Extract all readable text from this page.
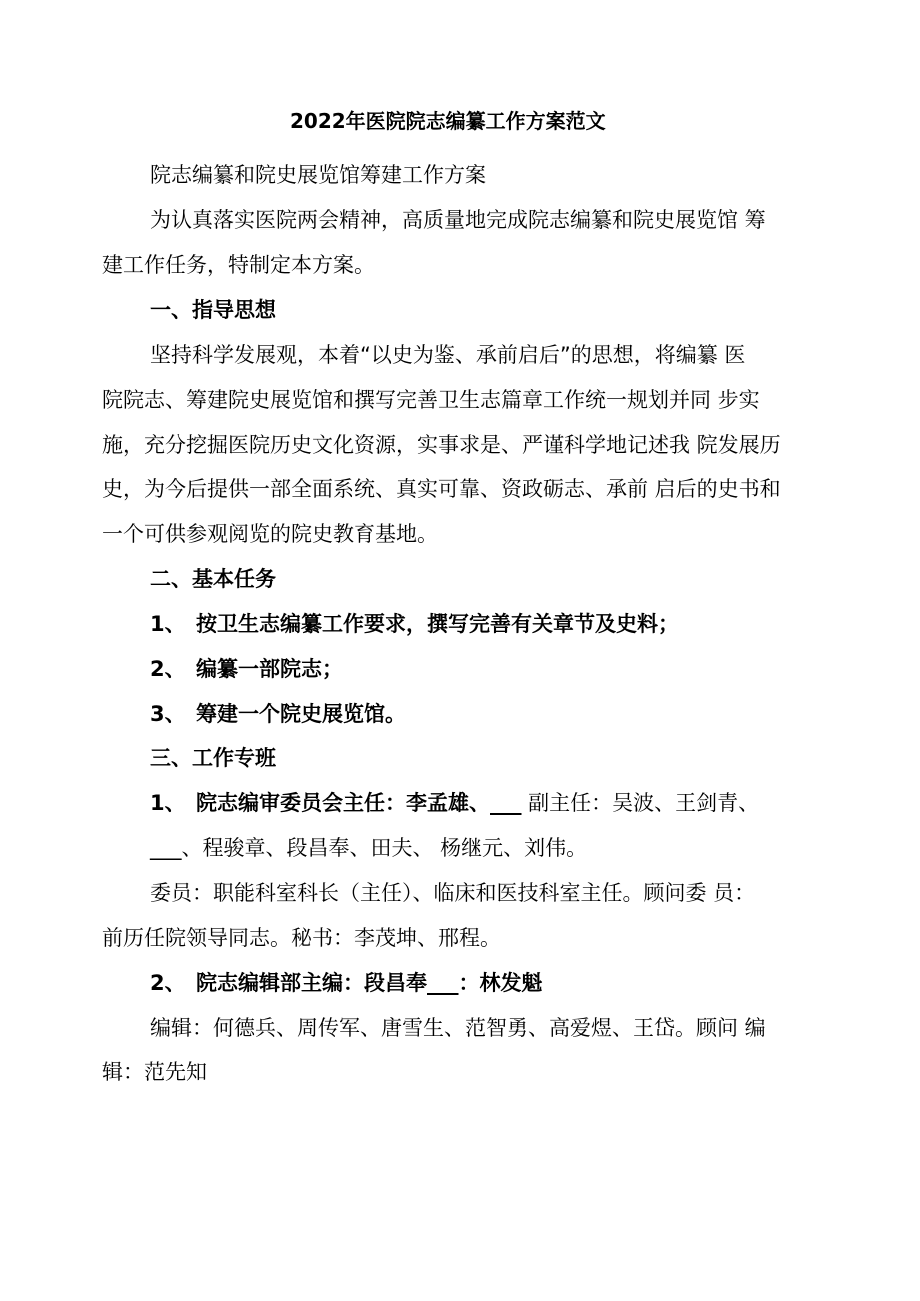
2022年医院院志编纂工作方案范文

院志编纂和院史展览馆筹建工作方案

为认真落实医院两会精神，高质量地完成院志编纂和院史展览馆 筹

建工作任务，特制定本方案。

一、指导思想

坚持科学发展观，本着“以史为鉴、承前启后”的思想，将编纂 医

院院志、筹建院史展览馆和撰写完善卫生志篇章工作统一规划并同 步实

施，充分挖掘医院历史文化资源，实事求是、严谨科学地记述我 院发展历

史，为今后提供一部全面系统、真实可靠、资政砺志、承前 启后的史书和

一个可供参观阅览的院史教育基地。

二、基本任务

1、 按卫生志编纂工作要求，撰写完善有关章节及史料；

2、 编纂一部院志；

3、 筹建一个院史展览馆。

三、工作专班

1、 院志编审委员会主任：李孟雄、___ 副主任：吴波、王剑青、

___、程骏章、段昌奉、田夫、 杨继元、刘伟。

委员：职能科室科长（主任）、临床和医技科室主任。顾问委 员：

前历任院领导同志。秘书：李茂坤、邢程。

2、 院志编辑部主编：段昌奉___：林发魁

编辑：何德兵、周传军、唐雪生、范智勇、高爱煜、王岱。顾问 编

辑：范先知
